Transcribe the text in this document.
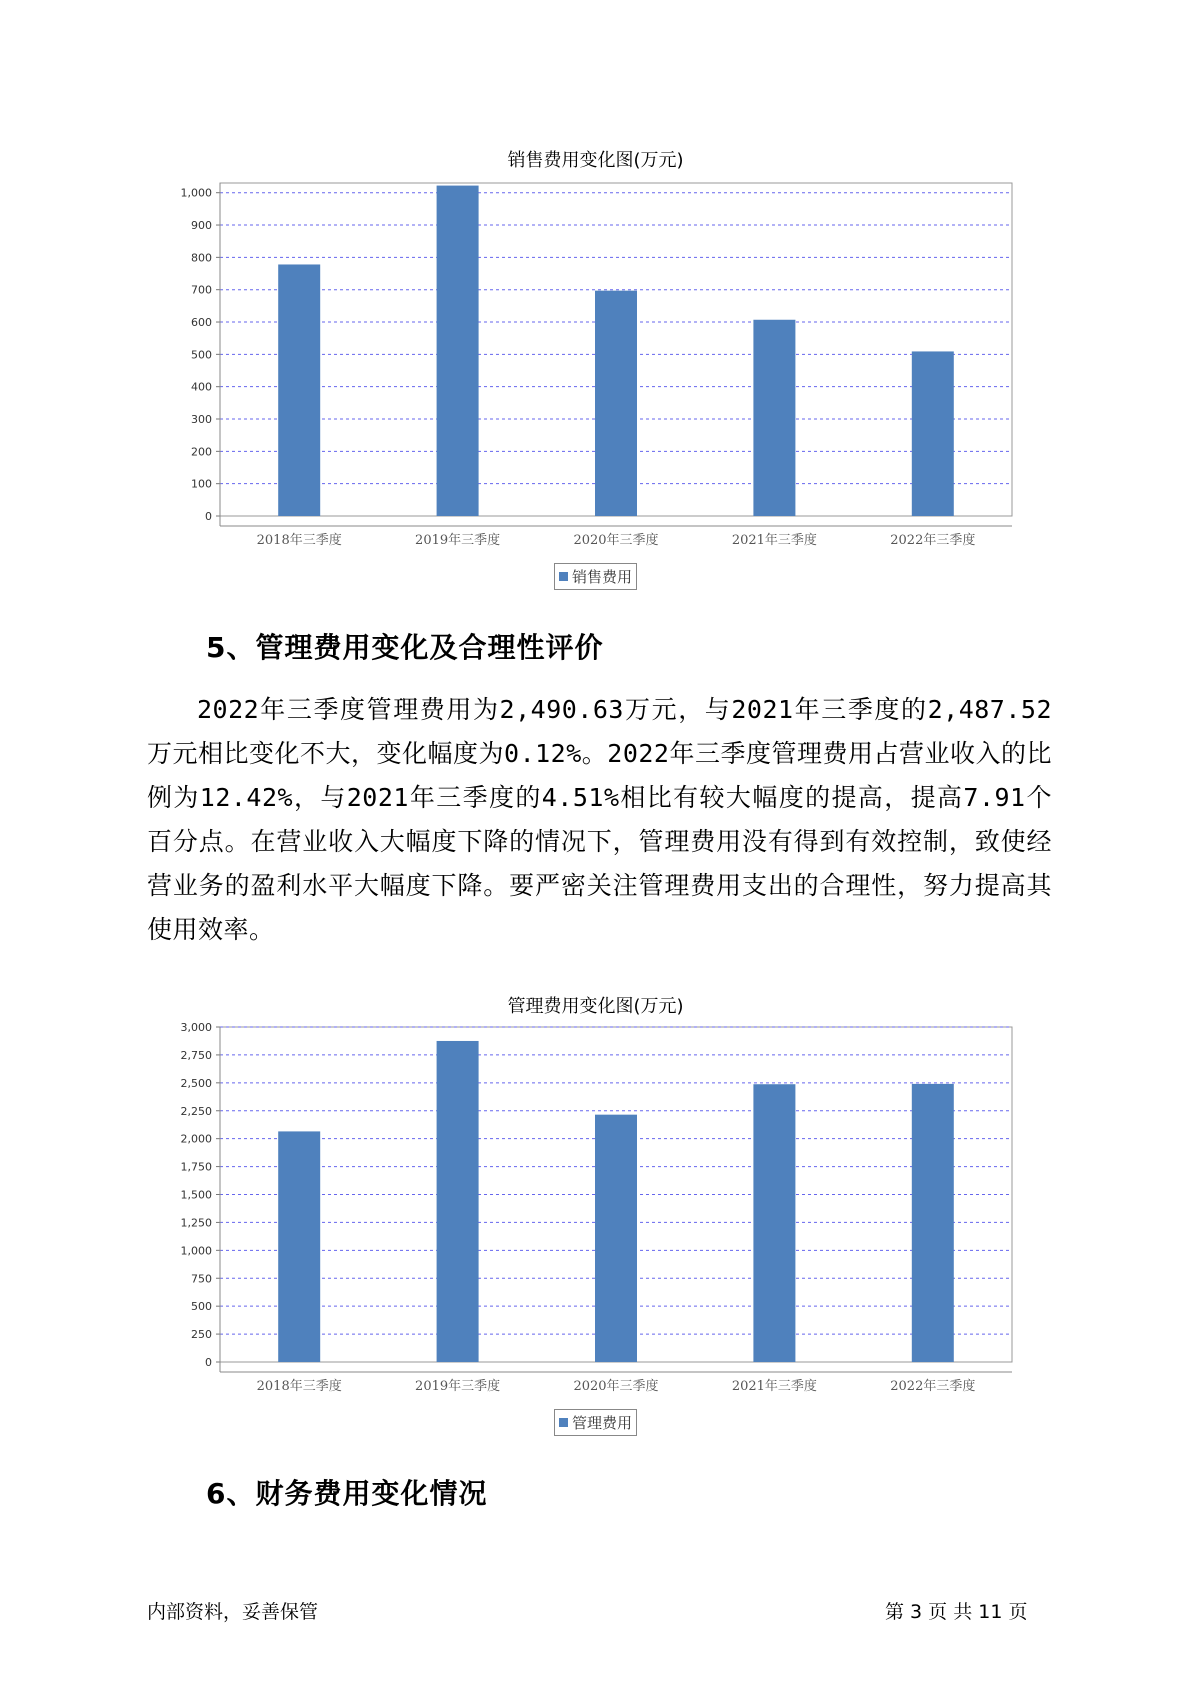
销售费用变化图(万元)
0
100
200
300
400
500
600
700
800
900
1,000
2018年三季度	2019年三季度	2020年三季度	2021年三季度	2022年三季度
销售费用
5、管理费用变化及合理性评价
2022年三季度管理费用为2,490.63万元，与2021年三季度的2,487.52万元相比变化不大，变化幅度为0.12%。2022年三季度管理费用占营业收入的比例为12.42%，与2021年三季度的4.51%相比有较大幅度的提高，提高7.91个百分点。在营业收入大幅度下降的情况下，管理费用没有得到有效控制，致使经营业务的盈利水平大幅度下降。要严密关注管理费用支出的合理性，努力提高其使用效率。
管理费用变化图(万元)
0
250
500
750
1,000
1,250
1,500
1,750
2,000
2,250
2,500
2,750
3,000
2018年三季度	2019年三季度	2020年三季度	2021年三季度	2022年三季度
管理费用
6、财务费用变化情况
内部资料，妥善保管	第 3 页 共 11 页
